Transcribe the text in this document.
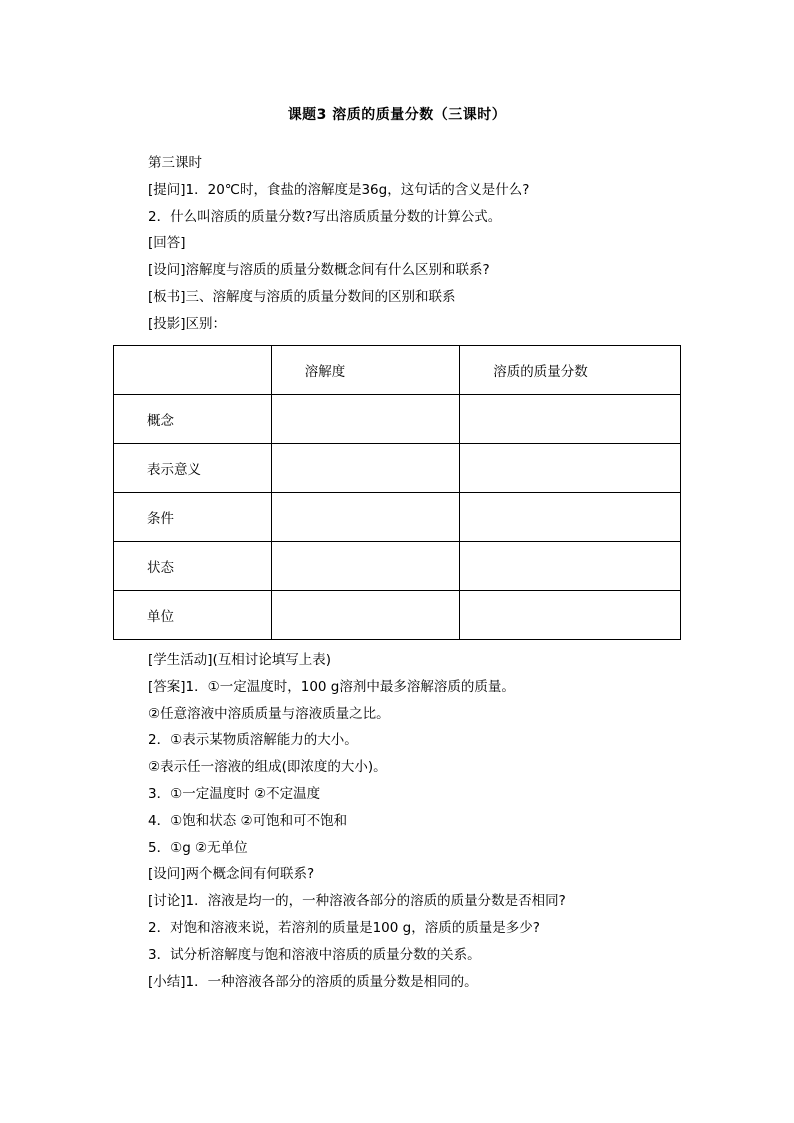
课题3 溶质的质量分数（三课时）
第三课时
[提问]1．20℃时，食盐的溶解度是36g，这句话的含义是什么?
2．什么叫溶质的质量分数?写出溶质质量分数的计算公式。
[回答]
[设问]溶解度与溶质的质量分数概念间有什么区别和联系?
[板书]三、溶解度与溶质的质量分数间的区别和联系
[投影]区别：
	溶解度	溶质的质量分数
概念		
表示意义		
条件		
状态		
单位		
[学生活动](互相讨论填写上表)
[答案]1．①一定温度时，100 g溶剂中最多溶解溶质的质量。
②任意溶液中溶质质量与溶液质量之比。
2．①表示某物质溶解能力的大小。
②表示任一溶液的组成(即浓度的大小)。
3．①一定温度时 ②不定温度
4．①饱和状态 ②可饱和可不饱和
5．①g ②无单位
[设问]两个概念间有何联系?
[讨论]1．溶液是均一的，一种溶液各部分的溶质的质量分数是否相同?
2．对饱和溶液来说，若溶剂的质量是100 g，溶质的质量是多少?
3．试分析溶解度与饱和溶液中溶质的质量分数的关系。
[小结]1．一种溶液各部分的溶质的质量分数是相同的。
